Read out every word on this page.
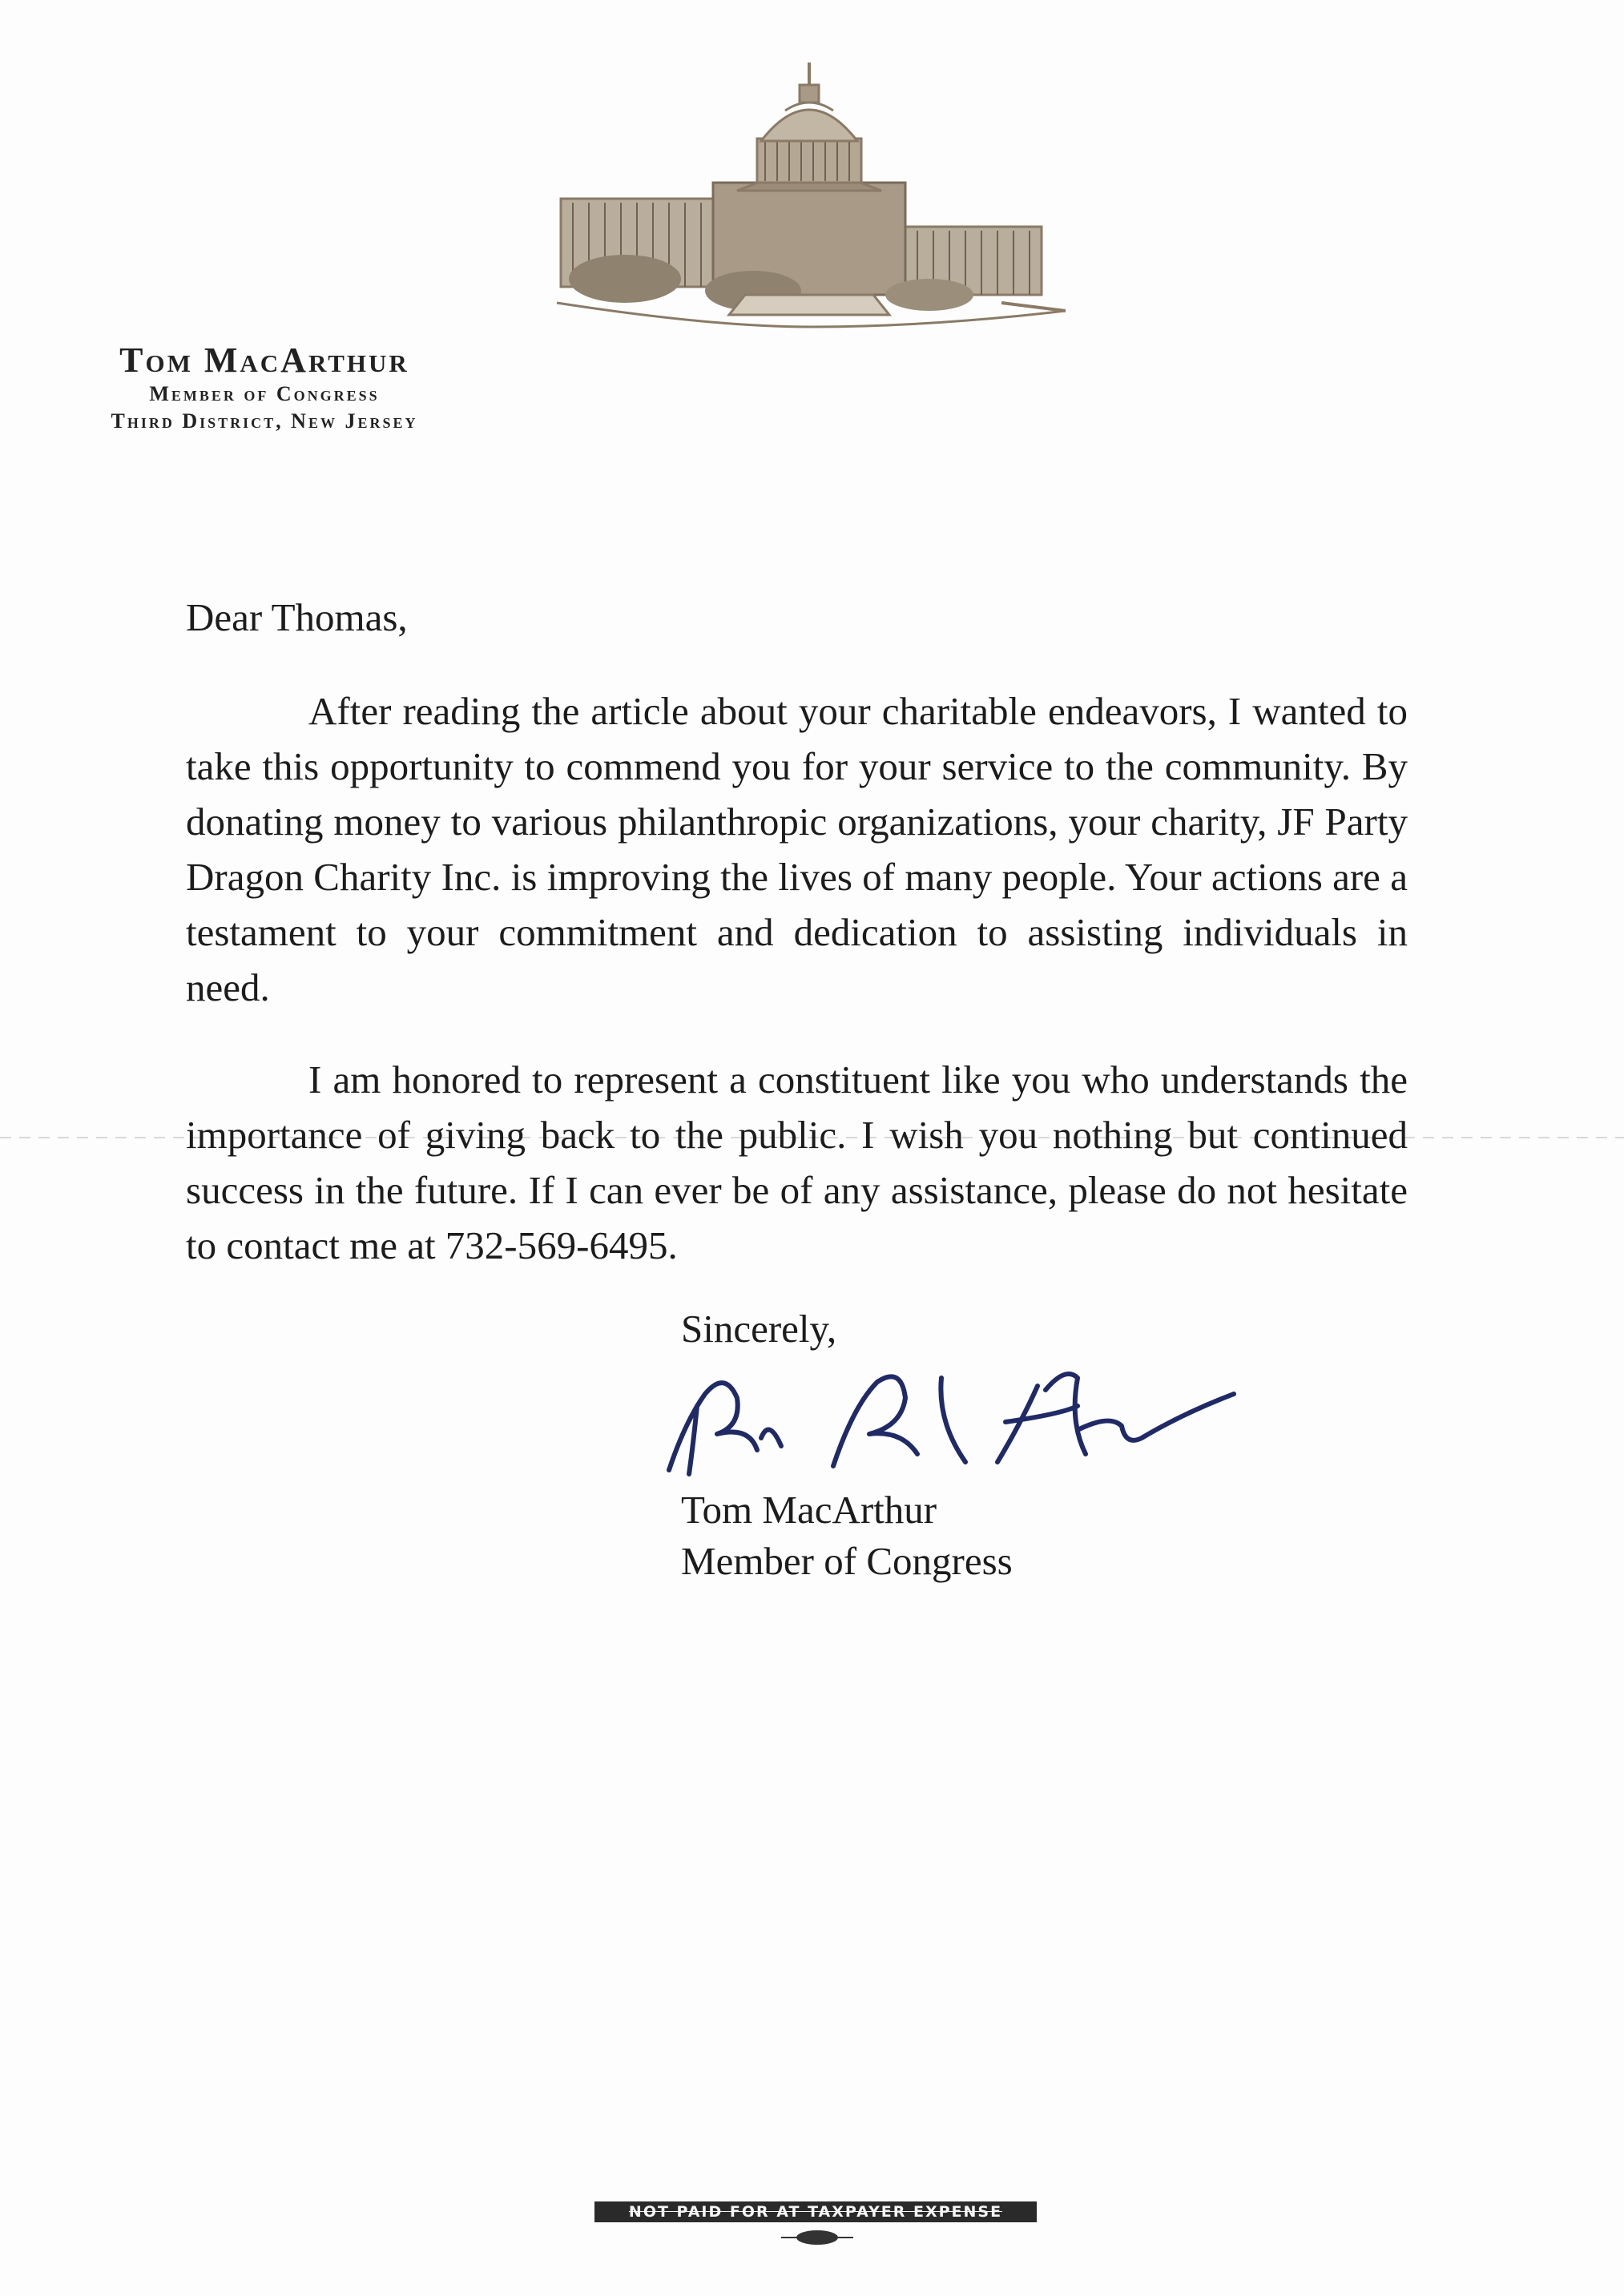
Tom MacArthur
Member of Congress
Third District, New Jersey

Dear Thomas,

After reading the article about your charitable endeavors, I wanted to take this opportunity to commend you for your service to the community. By donating money to various philanthropic organizations, your charity, JF Party Dragon Charity Inc. is improving the lives of many people. Your actions are a testament to your commitment and dedication to assisting individuals in need.

I am honored to represent a constituent like you who understands the importance of giving back to the public. I wish you nothing but continued success in the future. If I can ever be of any assistance, please do not hesitate to contact me at 732-569-6495.

Sincerely,
Tom MacArthur
Member of Congress
NOT PAID FOR AT TAXPAYER EXPENSE
